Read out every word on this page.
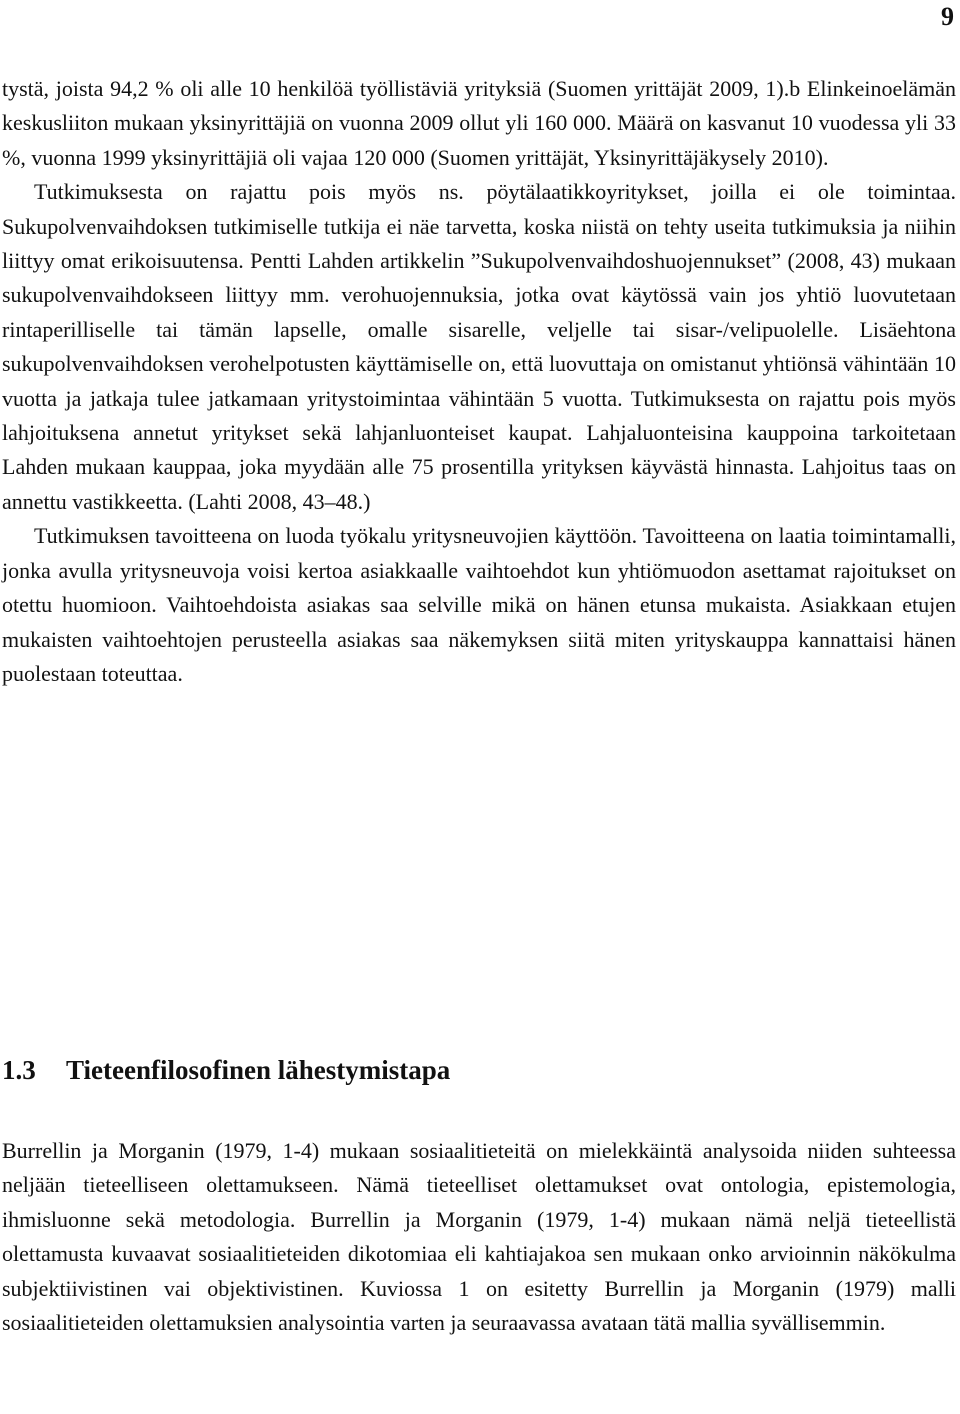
9

tystä, joista 94,2 % oli alle 10 henkilöä työllistäviä yrityksiä (Suomen yrittäjät 2009, 1).b Elinkeinoelämän keskusliiton mukaan yksinyrittäjiä on vuonna 2009 ollut yli 160 000. Määrä on kasvanut 10 vuodessa yli 33 %, vuonna 1999 yksinyrittäjiä oli vajaa 120 000 (Suomen yrittäjät, Yksinyrittäjäkysely 2010).

Tutkimuksesta on rajattu pois myös ns. pöytälaatikkoyritykset, joilla ei ole toimintaa. Sukupolvenvaihdoksen tutkimiselle tutkija ei näe tarvetta, koska niistä on tehty useita tutkimuksia ja niihin liittyy omat erikoisuutensa. Pentti Lahden artikkelin ”Sukupolvenvaihdoshuojennukset” (2008, 43) mukaan sukupolvenvaihdokseen liittyy mm. verohuojennuksia, jotka ovat käytössä vain jos yhtiö luovutetaan rintaperilliselle tai tämän lapselle, omalle sisarelle, veljelle tai sisar-/velipuolelle. Lisäehtona sukupolvenvaihdoksen verohelpotusten käyttämiselle on, että luovuttaja on omistanut yhtiönsä vähintään 10 vuotta ja jatkaja tulee jatkamaan yritystoimintaa vähintään 5 vuotta. Tutkimuksesta on rajattu pois myös lahjoituksena annetut yritykset sekä lahjanluonteiset kaupat. Lahjaluonteisina kauppoina tarkoitetaan Lahden mukaan kauppaa, joka myydään alle 75 prosentilla yrityksen käyvästä hinnasta. Lahjoitus taas on annettu vastikkeetta. (Lahti 2008, 43–48.)

Tutkimuksen tavoitteena on luoda työkalu yritysneuvojien käyttöön. Tavoitteena on laatia toimintamalli, jonka avulla yritysneuvoja voisi kertoa asiakkaalle vaihtoehdot kun yhtiömuodon asettamat rajoitukset on otettu huomioon. Vaihtoehdoista asiakas saa selville mikä on hänen etunsa mukaista. Asiakkaan etujen mukaisten vaihtoehtojen perusteella asiakas saa näkemyksen siitä miten yrityskauppa kannattaisi hänen puolestaan toteuttaa.

1.3 Tieteenfilosofinen lähestymistapa

Burrellin ja Morganin (1979, 1-4) mukaan sosiaalitieteitä on mielekkäintä analysoida niiden suhteessa neljään tieteelliseen olettamukseen. Nämä tieteelliset olettamukset ovat ontologia, epistemologia, ihmisluonne sekä metodologia. Burrellin ja Morganin (1979, 1-4) mukaan nämä neljä tieteellistä olettamusta kuvaavat sosiaalitieteiden dikotomiaa eli kahtiajakoa sen mukaan onko arvioinnin näkökulma subjektiivistinen vai objektivistinen. Kuviossa 1 on esitetty Burrellin ja Morganin (1979) malli sosiaalitieteiden olettamuksien analysointia varten ja seuraavassa avataan tätä mallia syvällisemmin.
